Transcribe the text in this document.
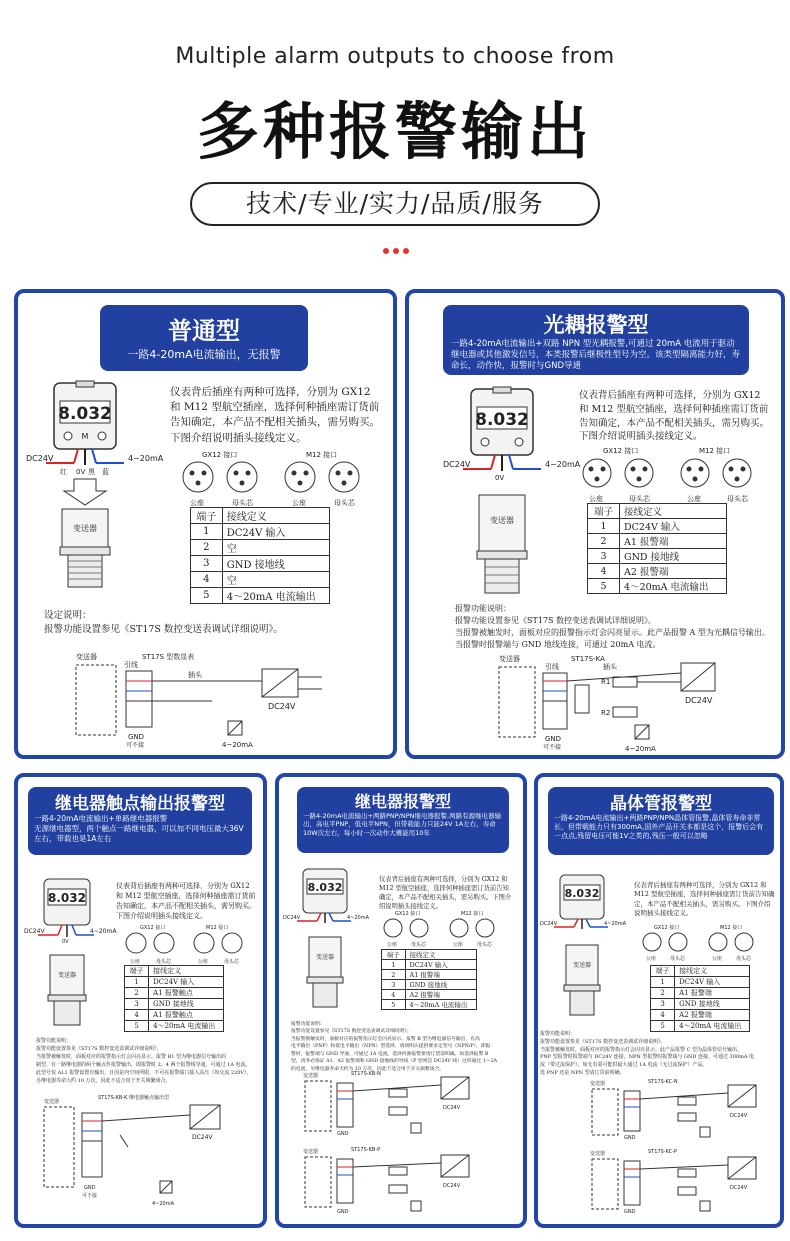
Multiple alarm outputs to choose from
多种报警输出
技术/专业/实力/品质/服务
普通型
一路4-20mA电流输出，无报警
仪表背后插座有两种可选择，分别为 GX12 和 M12 型航空插座，选择何种插座需订货前告知确定，本产品不配相关插头，需另购买。下图介绍说明插头接线定义。
8.032
M
DC24V	4~20mA
红 0V 黑 蓝
变送器
GX12 接口	M12 接口
公座	母头芯	公座	母头芯
端子	接线定义
1	DC24V 输入
2	空
3	GND 接地线
4	空
5	4～20mA 电流输出
设定说明：
报警功能设置参见《ST17S 数控变送表调试详细说明》。
变送器	ST17S 型数显表
引线
插头
DC24V
4~20mA
GND
可不接
光耦报警型
一路4-20mA电流输出+双路 NPN 型光耦报警,可通过 20mA 电流用于驱动继电器或其他激发信号，本类报警后继极性型号为空。该类型隔离能力好，寿命长，动作快，报警时与GND导通
仪表背后插座有两种可选择，分别为 GX12 和 M12 型航空插座，选择何种插座需订货前告知确定，本产品不配相关插头，需另购买。下图介绍说明插头接线定义。
8.032
DC24V	4~20mA
0V
变送器
GX12 接口	M12 接口
公座	母头芯	公座	母头芯
端子	接线定义
1	DC24V 输入
2	A1 报警端
3	GND 接地线
4	A2 报警端
5	4～20mA 电流输出
报警功能说明：
报警功能设置参见《ST17S 数控变送表调试详细说明》。
当报警被触发时，面板对应的报警指示灯会闪亮显示。此产品报警 A 型为光耦信号输出。
当报警时报警端与 GND 地线连接，可通过 20mA 电流。
变送器	ST17S-KA
引线	插头
R1
R2
DC24V
4~20mA
GND
可不接
继电器触点输出报警型
一路4-20mA电流输出+单路继电器报警
无源继电器型，两个触点一路继电器，可以加不同电压最大36V左右，带载也是1A左右
仪表背后插座有两种可选择，分别为 GX12 和 M12 型航空插座，选择何种插座需订货前告知确定，本产品不配相关插头，需另购买。下图介绍说明插头接线定义。
8.032
DC24V	4~20mA
0V
变送器
GX12 接口	M12 接口
公座	母头芯	公座	母头芯
端子	接线定义
1	DC24V 输入
2	A1 报警触点
3	GND 接地线
4	A1 报警触点
5	4～20mA 电流输出
报警功能说明：
报警功能设置参见《ST17S 数控变送表调试详细说明》。
当报警被触发时，面板对应的报警指示灯会闪亮显示。报警 B1 型为继电器信号输出的
制型，有一路继电器的两个触点作报警输出，即报警时 2、4 两个报警线导通，可通过 1A 电流。
此型号仅 AL1 报警设置有输出，且因是内空间所限，不可在报警端口接入高压（如交流 220V），
另继电器寿命大约 10 万次，因此不适合用于开关频繁场合。
变送器
ST17S-KB-K 继电器触点输出型
DC24V
4~20mA
GND
可不接
继电器报警型
一路4-20mA电流输出+两路PNP/NPN继电器报警,两路有源继电器输出，高电平PNP，低电平NPN，但带载能力只能24V 1A左右，寿命10W次左右，每小时一次动作大概能用10年
仪表背后插座有两种可选择，分别为 GX12 和 M12 型航空插座，选择何种插座需订货前告知确定，本产品不配相关插头，需另购买。下图介绍说明插头接线定义。
8.032
DC24V	4~20mA
变送器
GX12 接口	M12 接口
公座	母头芯	公座	母头芯
端子	接线定义
1	DC24V 输入
2	A1 报警端
3	GND 接地线
4	A2 报警端
5	4～20mA 电流输出
报警功能说明：
报警功能设置参见《ST17S 数控变送表调试详细说明》。
当报警被触发时，面板对应的报警指示灯会闪亮显示。报警 B 型为继电器信号输出，有高
电平输出（PNP）和低电平输出（NPN）型选择，请须明认提供要求定型号（NPN/P），即报
警时，报警端与 GND 导通，可通过 1A 电流。选择何源报警要请订货前明确。如选择报警 B
型，请务必保证 A1、A2 报警端和 GND 接地线的导线（P 型则是 DC24V 线）这样通过 1～2A
的电流，另继电器寿命大约为 10 万次，因此不适合用于开关频繁场合。
变送器	ST17S-KB-N
DC24V
GND
变送器	ST17S-KB-P
DC24V
GND
晶体管报警型
一路4-20mA电流输出+两路PNP/NPN晶体管报警,晶体管寿命非常长，但带载能力只有300mA,国外产品开关本都是这个，报警后会有一点点,残留电压可能1V之类的,残压一般可以忽略
仪表背后插座有两种可选择，分别为 GX12 和 M12 型航空插座，选择何种插座需订货前告知确定，本产品不配相关插头，需另购买。下图介绍说明插头接线定义。
8.032
DC24V	4~20mA
变送器
GX12 接口	M12 接口
公座	母头芯	公座	母头芯
端子	接线定义
1	DC24V 输入
2	A1 报警端
3	GND 接地线
4	A2 报警端
5	4～20mA 电流输出
报警功能说明：
报警功能设置参见《ST17S 数控变送表调试详细说明》。
当报警被触发时，面板对应的报警指示灯会闪亮显示。此产品报警 C 型为晶体管信号输出。
PNP 型报警时报警端与 DC24V 连接，NPN 型报警时报警端与 GND 连接，可通过 300mA 电
流（带过流保护）。如无有需可能供最大通过 1A 电流（无过流保护）产品。
选 PNP 还是 NPN 型请订货前明确。
变送器	ST17S-KC-N
DC24V
GND
变送器	ST17S-KC-P
DC24V
GND
